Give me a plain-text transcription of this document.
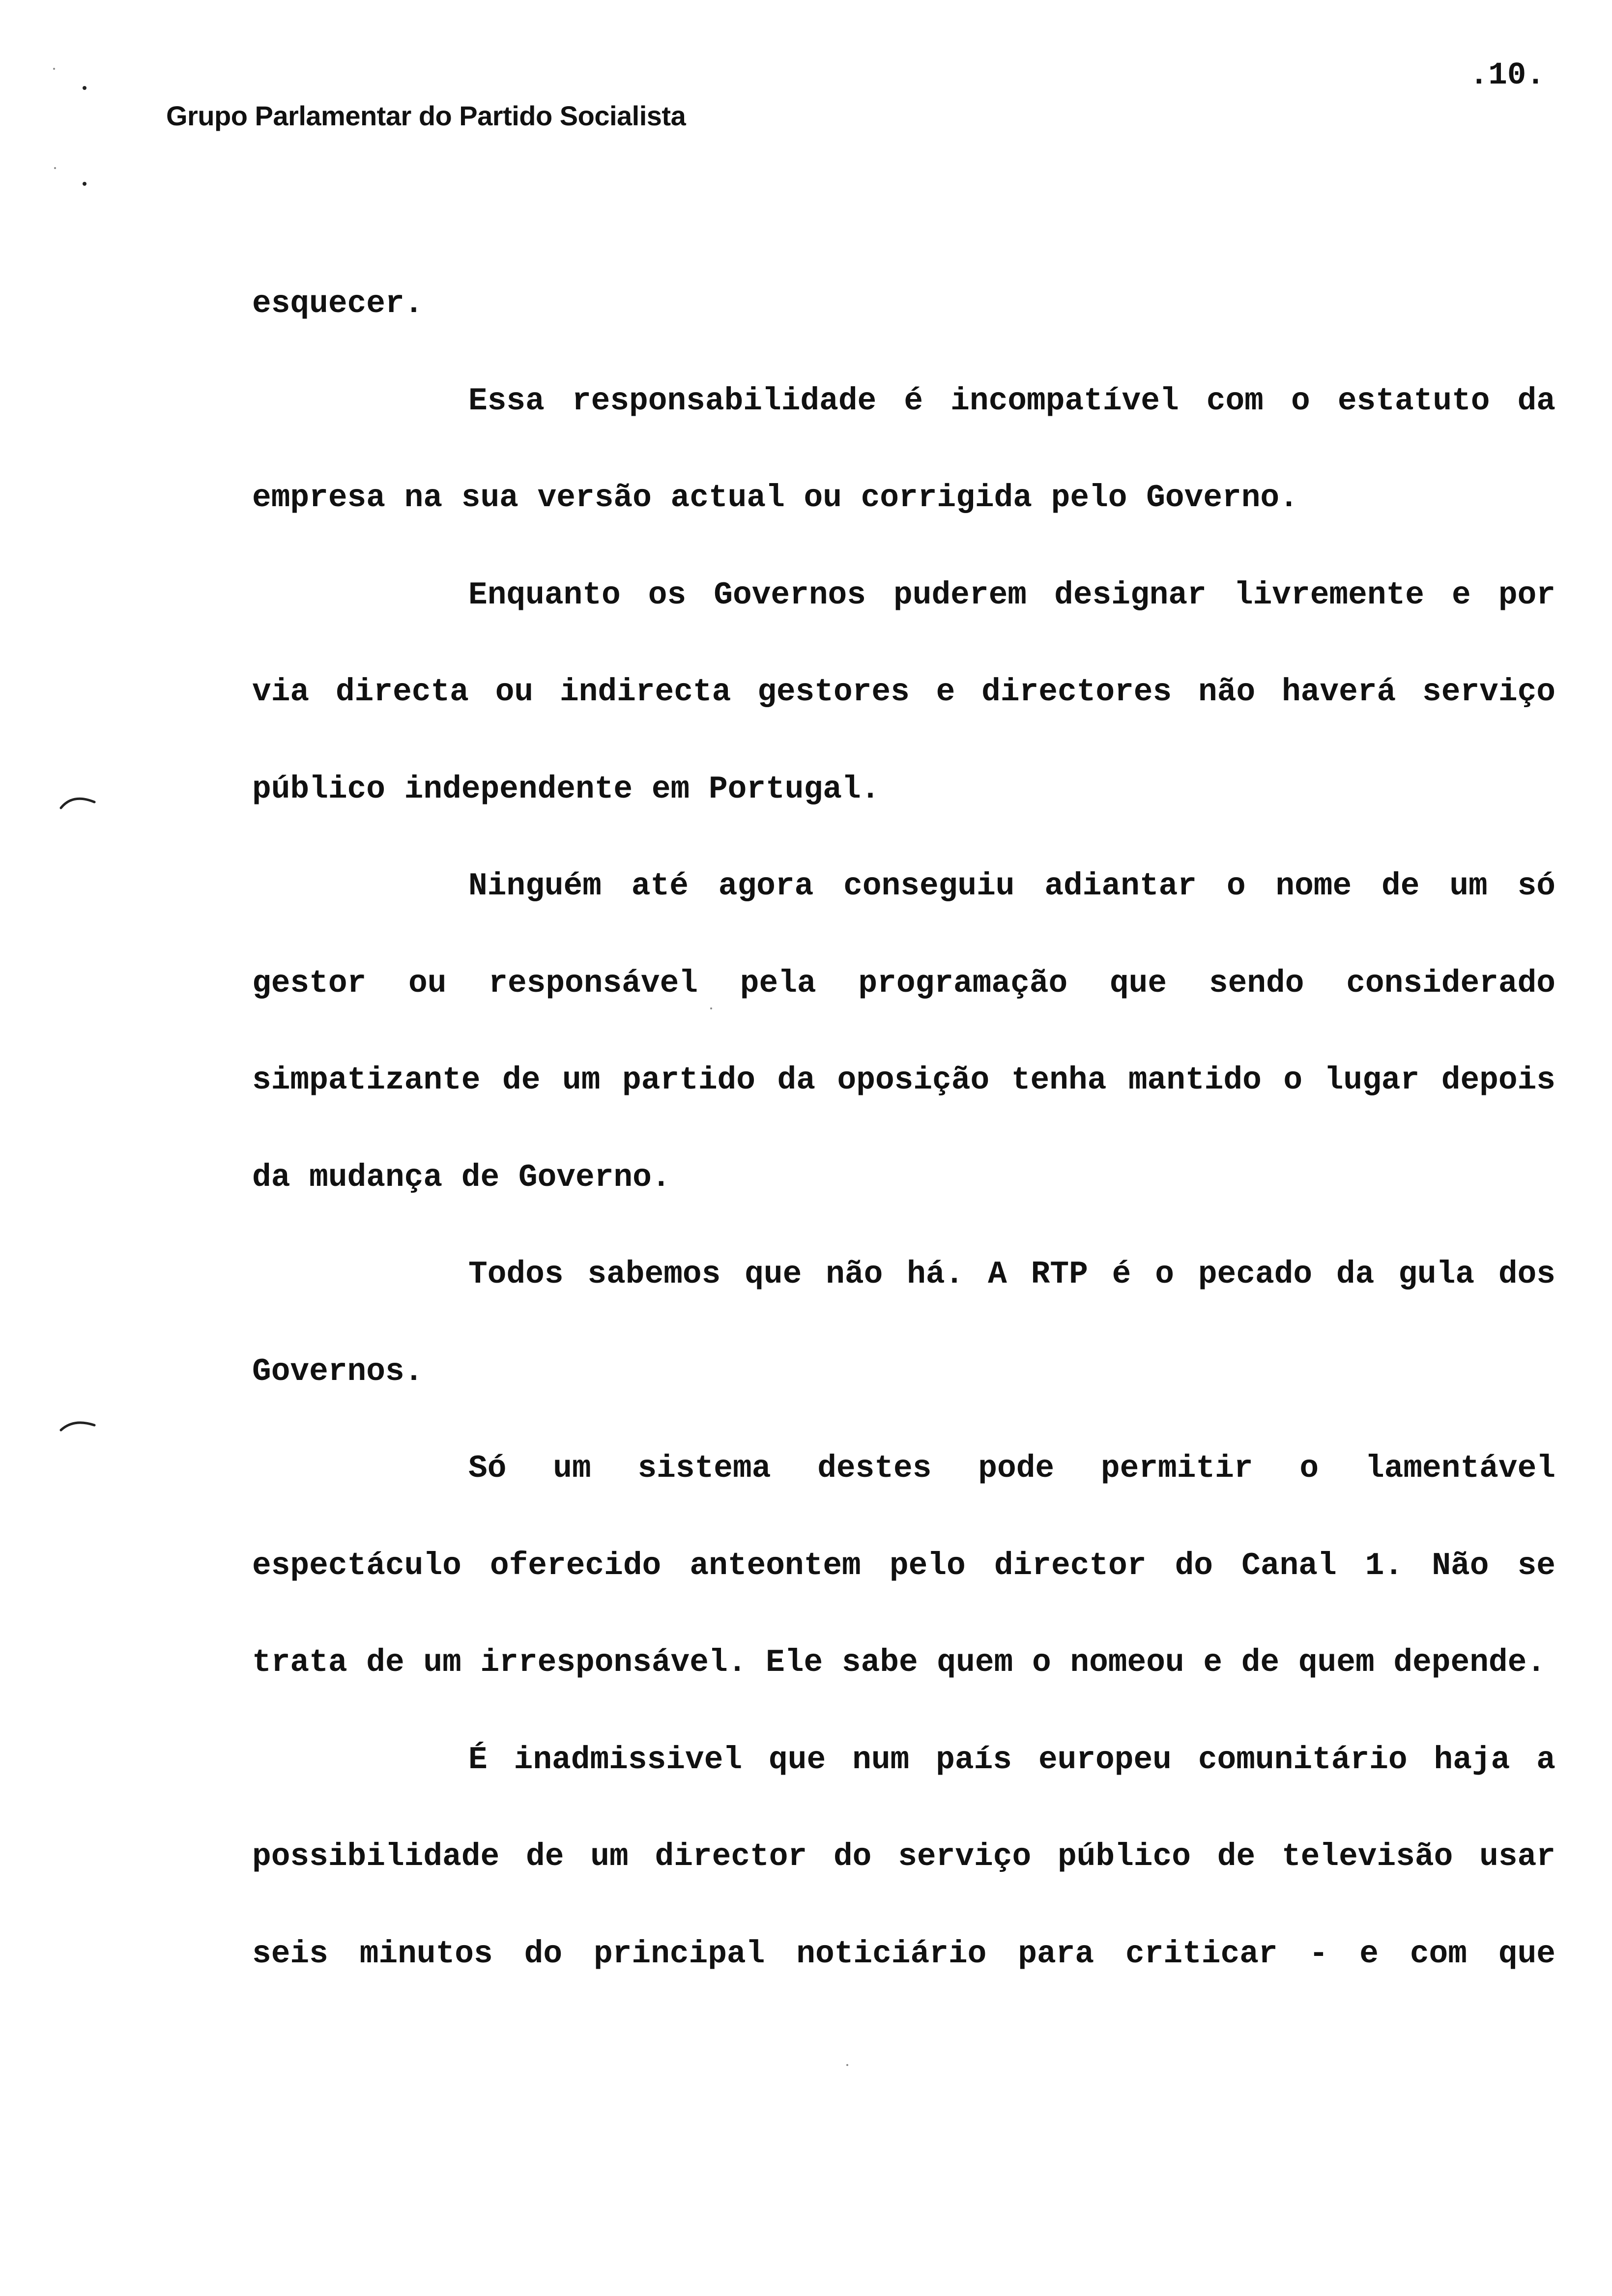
.10.
Grupo Parlamentar do Partido Socialista

esquecer.

Essa responsabilidade é incompatível com o estatuto da empresa na sua versão actual ou corrigida pelo Governo.

Enquanto os Governos puderem designar livremente e por via directa ou indirecta gestores e directores não haverá serviço público independente em Portugal.

Ninguém até agora conseguiu adiantar o nome de um só gestor ou responsável pela programação que sendo considerado simpatizante de um partido da oposição tenha mantido o lugar depois da mudança de Governo.

Todos sabemos que não há. A RTP é o pecado da gula dos Governos.

Só um sistema destes pode permitir o lamentável espectáculo oferecido anteontem pelo director do Canal 1. Não se trata de um irresponsável. Ele sabe quem o nomeou e de quem depende.

É inadmissivel que num país europeu comunitário haja a possibilidade de um director do serviço público de televisão usar seis minutos do principal noticiário para criticar - e com que
